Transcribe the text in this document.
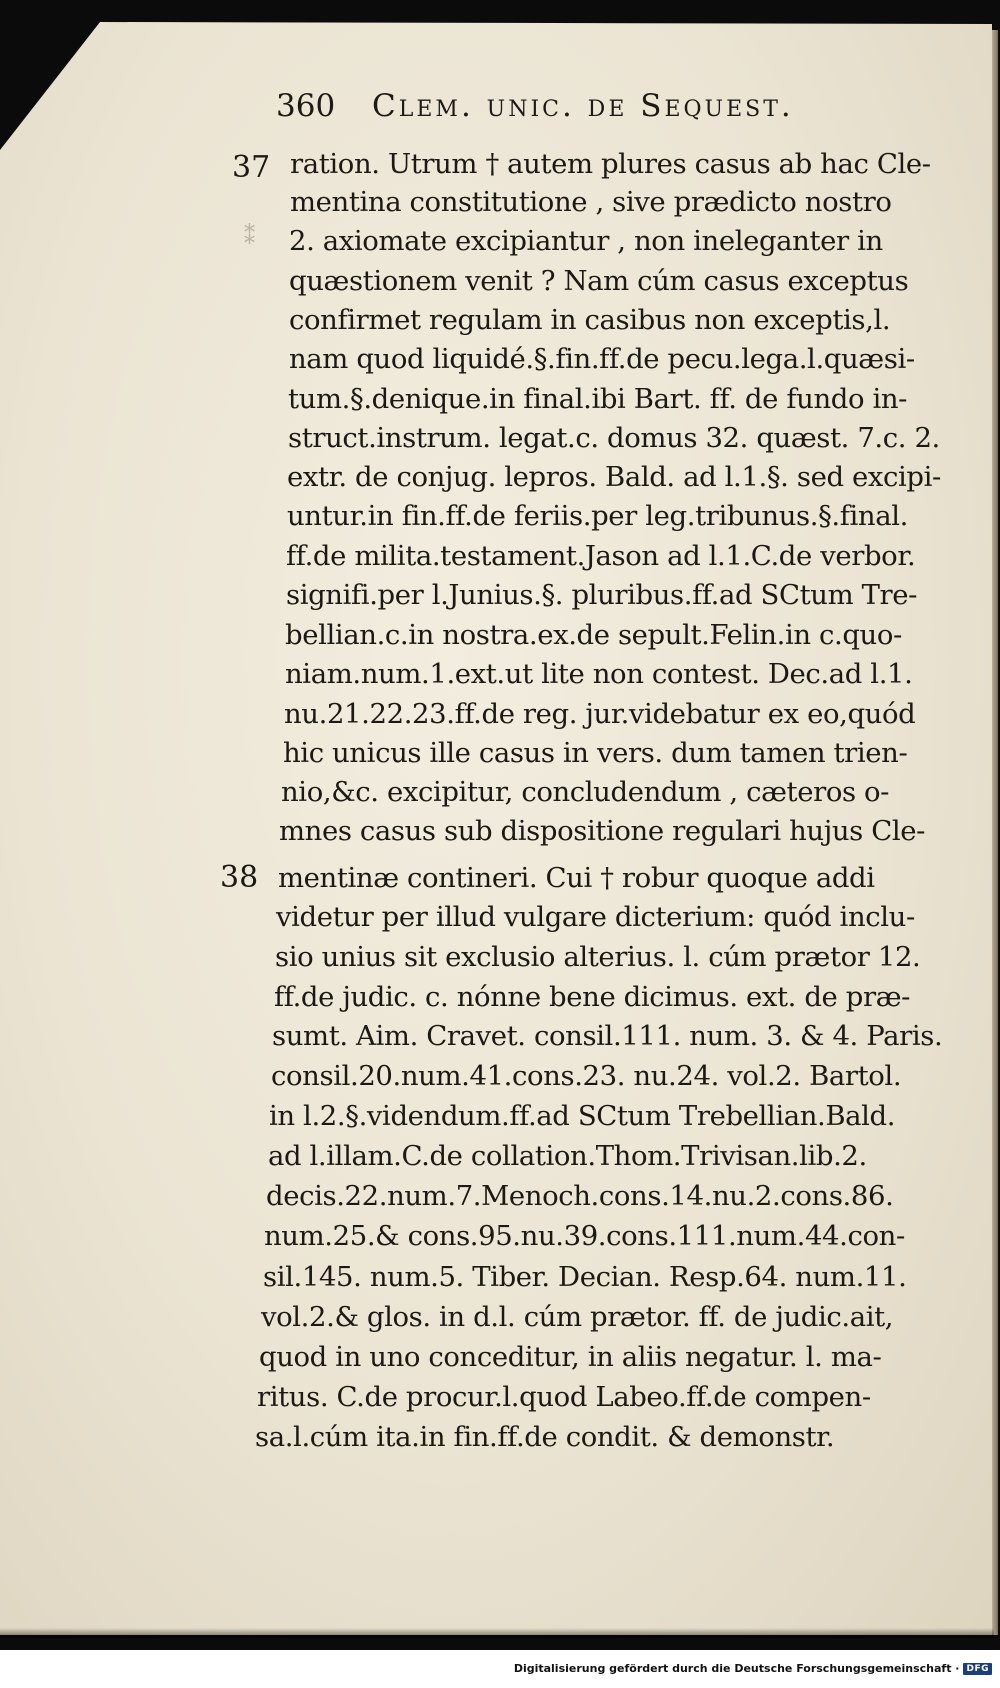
360 Clem. unic. de Sequest.
37
38
⁑
ration. Utrum † autem plures casus ab hac Cle-
mentina constitutione , sive prædicto nostro
2. axiomate excipiantur , non ineleganter in
quæstionem venit ? Nam cúm casus exceptus
confirmet regulam in casibus non exceptis,l.
nam quod liquidé.§.fin.ff.de pecu.lega.l.quæsi-
tum.§.denique.in final.ibi Bart. ff. de fundo in-
struct.instrum. legat.c. domus 32. quæst. 7.c. 2.
extr. de conjug. lepros. Bald. ad l.1.§. sed excipi-
untur.in fin.ff.de feriis.per leg.tribunus.§.final.
ff.de milita.testament.Jason ad l.1.C.de verbor.
signifi.per l.Junius.§. pluribus.ff.ad SCtum Tre-
bellian.c.in nostra.ex.de sepult.Felin.in c.quo-
niam.num.1.ext.ut lite non contest. Dec.ad l.1.
nu.21.22.23.ff.de reg. jur.videbatur ex eo,quód
hic unicus ille casus in vers. dum tamen trien-
nio,&c. excipitur, concludendum , cæteros o-
mnes casus sub dispositione regulari hujus Cle-
mentinæ contineri. Cui † robur quoque addi
videtur per illud vulgare dicterium: quód inclu-
sio unius sit exclusio alterius. l. cúm prætor 12.
ff.de judic. c. nónne bene dicimus. ext. de præ-
sumt. Aim. Cravet. consil.111. num. 3. & 4. Paris.
consil.20.num.41.cons.23. nu.24. vol.2. Bartol.
in l.2.§.videndum.ff.ad SCtum Trebellian.Bald.
ad l.illam.C.de collation.Thom.Trivisan.lib.2.
decis.22.num.7.Menoch.cons.14.nu.2.cons.86.
num.25.& cons.95.nu.39.cons.111.num.44.con-
sil.145. num.5. Tiber. Decian. Resp.64. num.11.
vol.2.& glos. in d.l. cúm prætor. ff. de judic.ait,
quod in uno conceditur, in aliis negatur. l. ma-
ritus. C.de procur.l.quod Labeo.ff.de compen-
sa.l.cúm ita.in fin.ff.de condit. & demonstr.
Digitalisierung gefördert durch die Deutsche Forschungsgemeinschaft · DFG
